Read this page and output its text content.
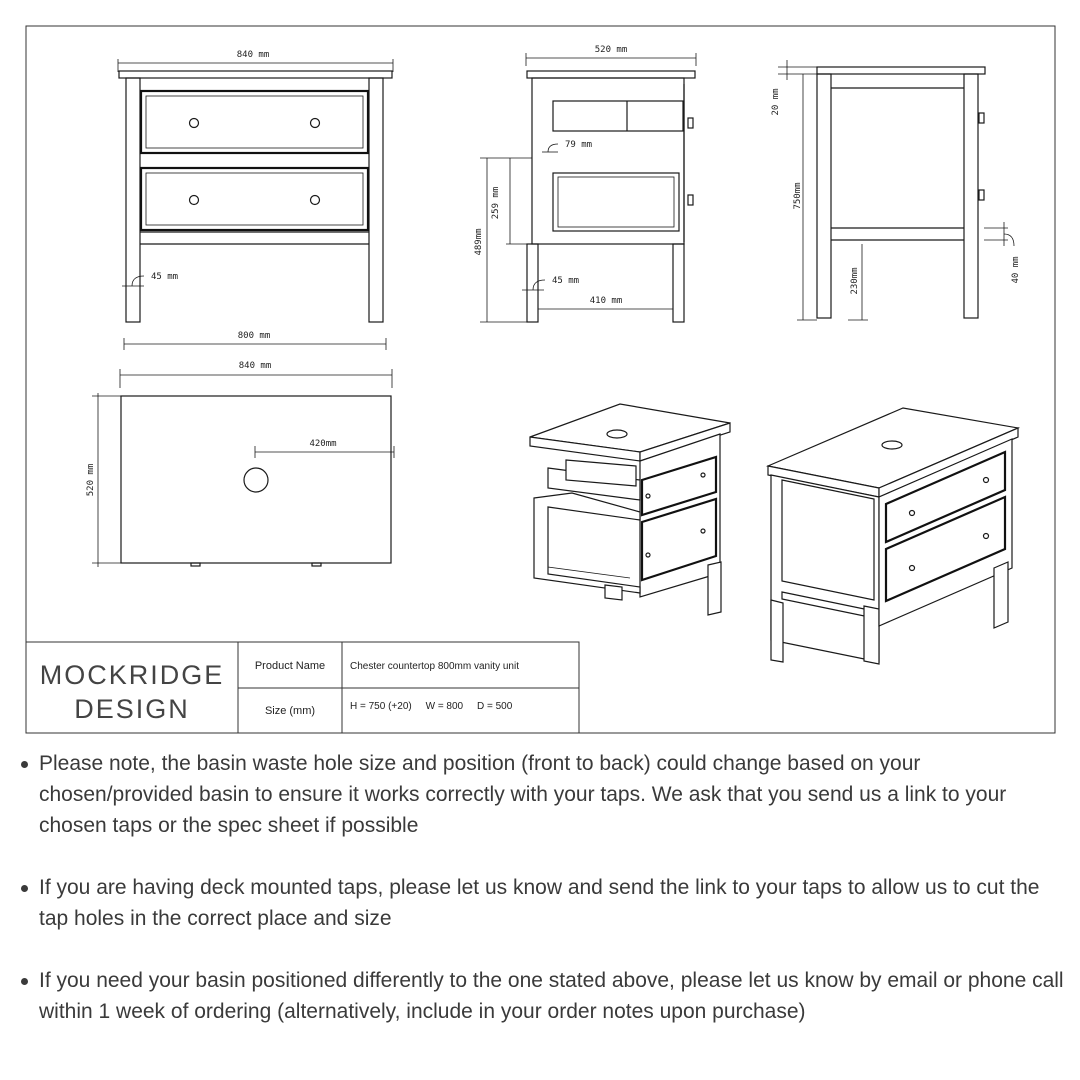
840 mm
45 mm
800 mm
520 mm
79 mm
259 mm
489mm
45 mm
410 mm
20 mm
750mm
40 mm
230mm
840 mm
420mm
520 mm
MOCKRIDGE
DESIGN
Product Name Chester countertop 800mm vanity unit
Size (mm)	H = 750 (+20)     W = 800     D = 500
Please note, the basin waste hole size and position (front to back) could change based on your chosen/provided basin to ensure it works correctly with your taps. We ask that you send us a link to your chosen taps or the spec sheet if possible
If you are having deck mounted taps, please let us know and send the link to your taps to allow us to cut the tap holes in the correct place and size
If you need your basin positioned differently to the one stated above, please let us know by email or phone call within 1 week of ordering (alternatively, include in your order notes upon purchase)
